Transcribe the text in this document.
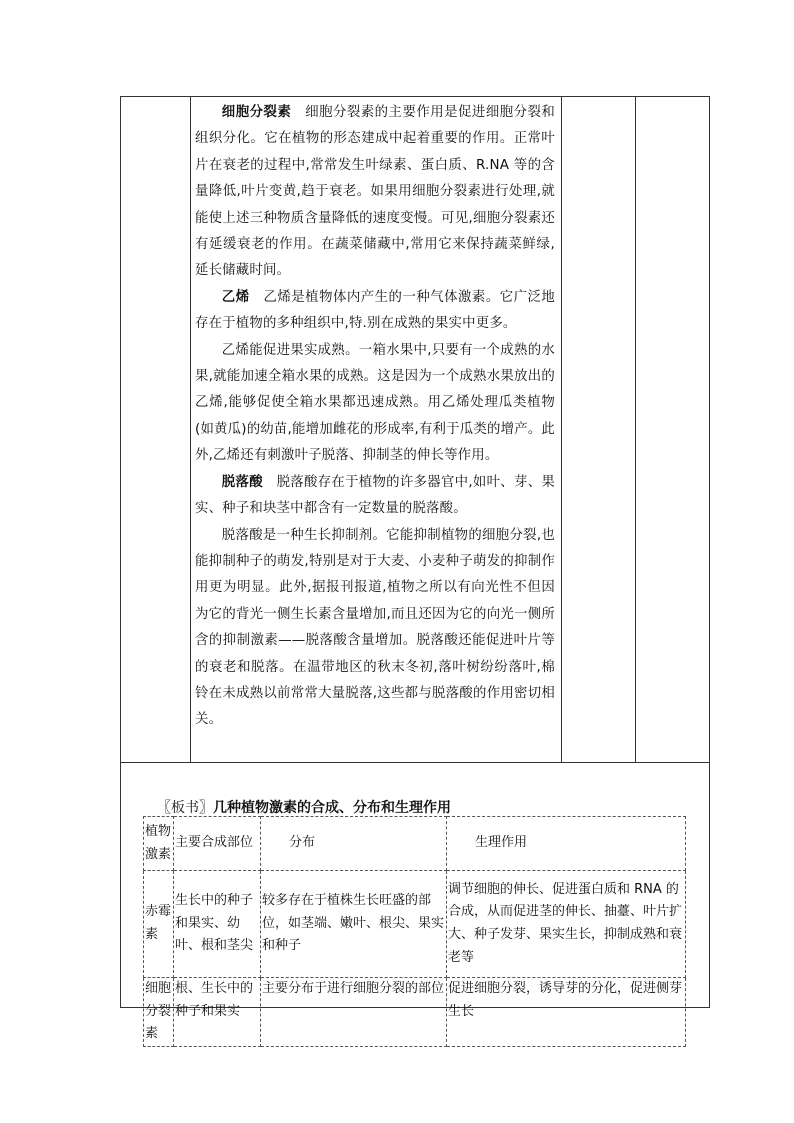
细胞分裂素　 细胞分裂素的主要作用是促进细胞分裂和组织分化。它在植物的形态建成中起着重要的作用。正常叶片在衰老的过程中,常常发生叶绿素、蛋白质、R.NA 等的含量降低,叶片变黄,趋于衰老。如果用细胞分裂素进行处理,就能使上述三种物质含量降低的速度变慢。可见,细胞分裂素还有延缓衰老的作用。在蔬菜储藏中,常用它来保持蔬菜鲜绿,延长储藏时间。

乙烯　 乙烯是植物体内产生的一种气体激素。它广泛地存在于植物的多种组织中,特.别在成熟的果实中更多。

乙烯能促进果实成熟。一箱水果中,只要有一个成熟的水果,就能加速全箱水果的成熟。这是因为一个成熟水果放出的乙烯,能够促使全箱水果都迅速成熟。用乙烯处理瓜类植物(如黄瓜)的幼苗,能增加雌花的形成率,有利于瓜类的增产。此外,乙烯还有刺激叶子脱落、抑制茎的伸长等作用。

脱落酸　 脱落酸存在于植物的许多器官中,如叶、芽、果实、种子和块茎中都含有一定数量的脱落酸。

脱落酸是一种生长抑制剂。它能抑制植物的细胞分裂,也能抑制种子的萌发,特别是对于大麦、小麦种子萌发的抑制作用更为明显。此外,据报刊报道,植物之所以有向光性不但因为它的背光一侧生长素含量增加,而且还因为它的向光一侧所含的抑制激素——脱落酸含量增加。脱落酸还能促进叶片等的衰老和脱落。在温带地区的秋末冬初,落叶树纷纷落叶,棉铃在未成熟以前常常大量脱落,这些都与脱落酸的作用密切相关。

〖板书〗几种植物激素的合成、分布和生理作用
植物激素	主要合成部位	分布	生理作用
赤霉素	生长中的种子和果实、幼叶、根和茎尖	较多存在于植株生长旺盛的部位，如茎端、嫩叶、根尖、果实和种子	调节细胞的伸长、促进蛋白质和 RNA 的合成，从而促进茎的伸长、抽薹、叶片扩大、种子发芽、果实生长，抑制成熟和衰老等
细胞分裂素	根、生长中的种子和果实	主要分布于进行细胞分裂的部位	促进细胞分裂，诱导芽的分化，促进侧芽生长
